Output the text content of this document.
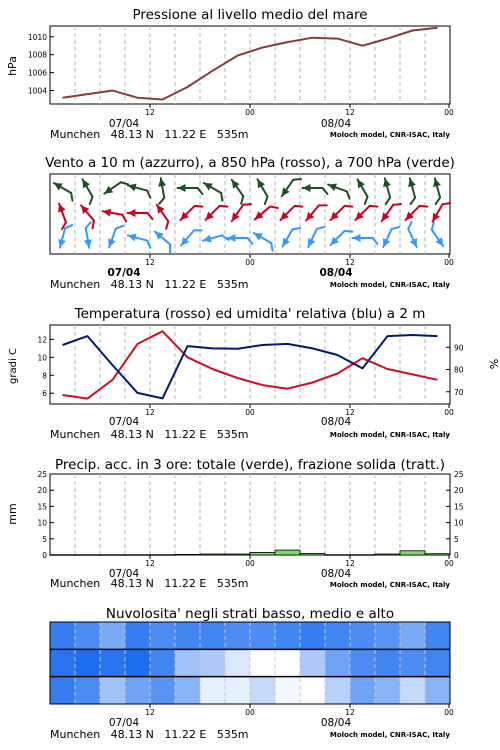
Pressione al livello medio del mare
hPa
1004
1006
1008
1010
12	00	12	00
07/04	08/04
Munchen   48.13 N   11.22 E   535m	Moloch model, CNR-ISAC, Italy
Vento a 10 m (azzurro), a 850 hPa (rosso), a 700 hPa (verde)
12	00	12	00
07/04	08/04
Munchen   48.13 N   11.22 E   535m	Moloch model, CNR-ISAC, Italy
Temperatura (rosso) ed umidita' relativa (blu) a 2 m
gradi C	%
6
8
10
12
70
80
90
12	00	12	00
07/04	08/04
Munchen   48.13 N   11.22 E   535m	Moloch model, CNR-ISAC, Italy
Precip. acc. in 3 ore: totale (verde), frazione solida (tratt.)
mm
0
5
10
15
20
25
0
5
10
15
20
25
12	00	12	00
07/04	08/04
Munchen   48.13 N   11.22 E   535m	Moloch model, CNR-ISAC, Italy
Nuvolosita' negli strati basso, medio e alto
12	00	12	00
07/04	08/04
Munchen   48.13 N   11.22 E   535m	Moloch model, CNR-ISAC, Italy
